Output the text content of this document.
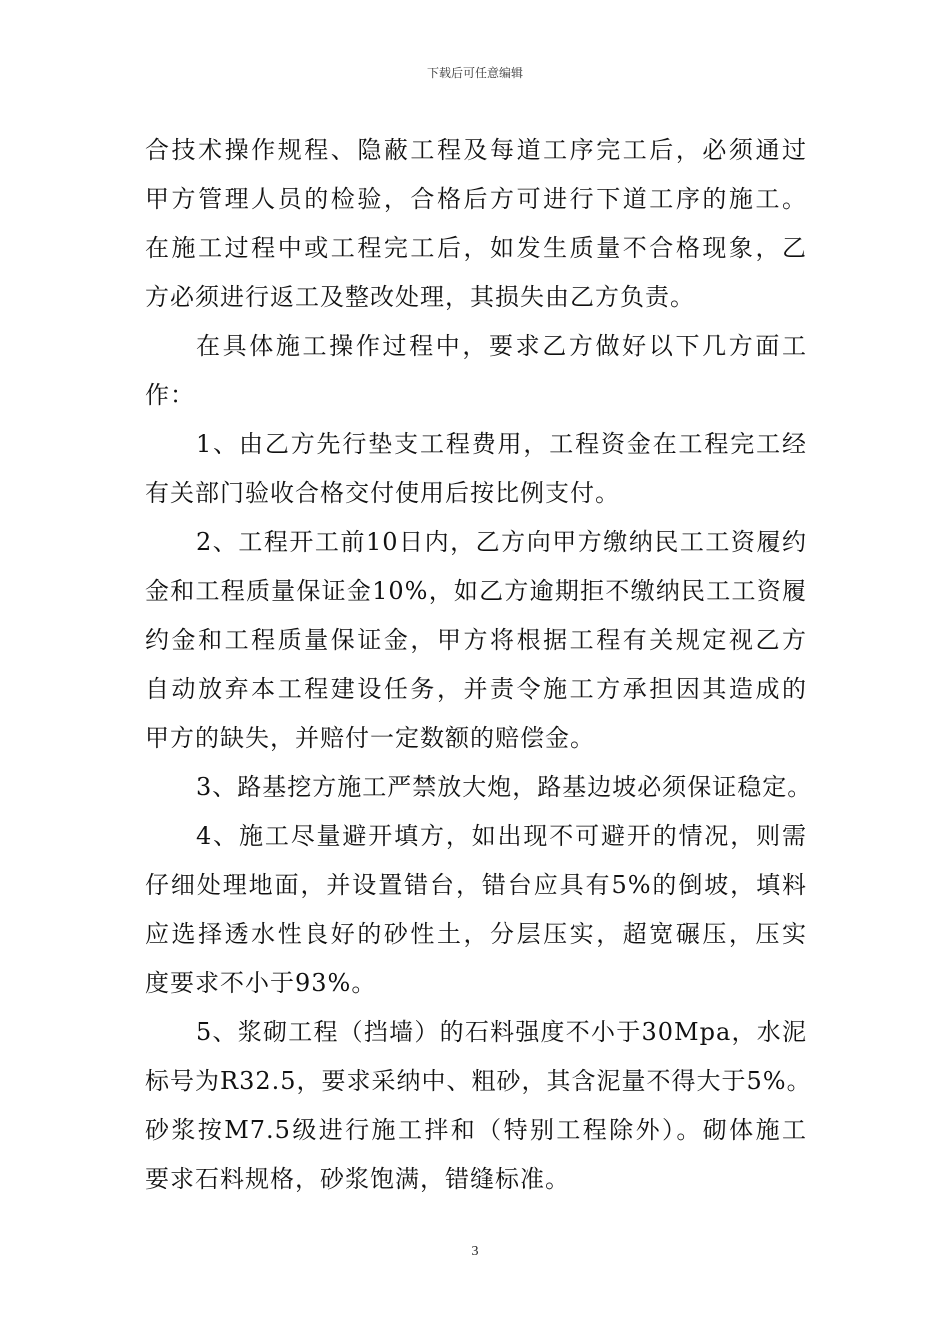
下载后可任意编辑
合技术操作规程、隐蔽工程及每道工序完工后，必须通过
甲方管理人员的检验，合格后方可进行下道工序的施工。
在施工过程中或工程完工后，如发生质量不合格现象，乙
方必须进行返工及整改处理，其损失由乙方负责。
在具体施工操作过程中，要求乙方做好以下几方面工
作：
1、由乙方先行垫支工程费用，工程资金在工程完工经
有关部门验收合格交付使用后按比例支付。
2、工程开工前10日内，乙方向甲方缴纳民工工资履约
金和工程质量保证金10%，如乙方逾期拒不缴纳民工工资履
约金和工程质量保证金，甲方将根据工程有关规定视乙方
自动放弃本工程建设任务，并责令施工方承担因其造成的
甲方的缺失，并赔付一定数额的赔偿金。
3、路基挖方施工严禁放大炮，路基边坡必须保证稳定。
4、施工尽量避开填方，如出现不可避开的情况，则需
仔细处理地面，并设置错台，错台应具有5%的倒坡，填料
应选择透水性良好的砂性土，分层压实，超宽碾压，压实
度要求不小于93%。
5、浆砌工程（挡墙）的石料强度不小于30Mpa，水泥
标号为R32.5，要求采纳中、粗砂，其含泥量不得大于5%。
砂浆按M7.5级进行施工拌和（特别工程除外）。砌体施工
要求石料规格，砂浆饱满，错缝标准。
3
